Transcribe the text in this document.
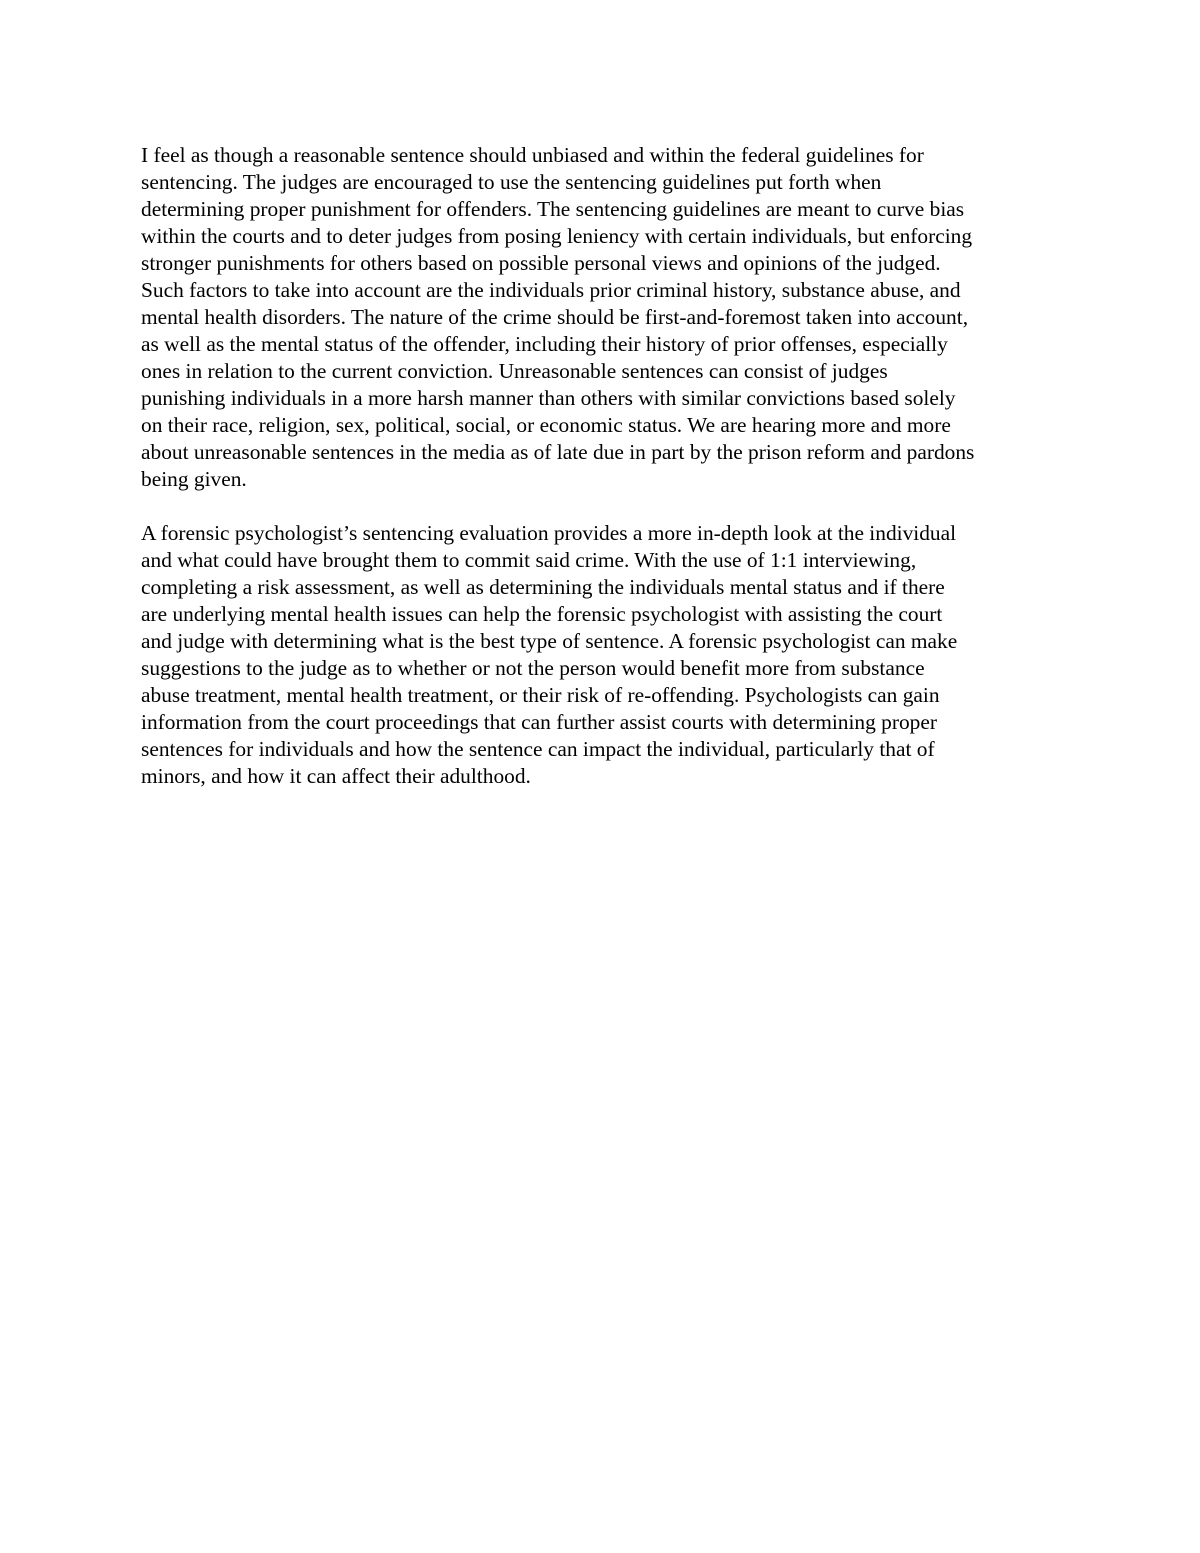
I feel as though a reasonable sentence should unbiased and within the federal guidelines for
sentencing. The judges are encouraged to use the sentencing guidelines put forth when
determining proper punishment for offenders. The sentencing guidelines are meant to curve bias
within the courts and to deter judges from posing leniency with certain individuals, but enforcing
stronger punishments for others based on possible personal views and opinions of the judged.
Such factors to take into account are the individuals prior criminal history, substance abuse, and
mental health disorders. The nature of the crime should be first-and-foremost taken into account,
as well as the mental status of the offender, including their history of prior offenses, especially
ones in relation to the current conviction. Unreasonable sentences can consist of judges
punishing individuals in a more harsh manner than others with similar convictions based solely
on their race, religion, sex, political, social, or economic status. We are hearing more and more
about unreasonable sentences in the media as of late due in part by the prison reform and pardons
being given.

A forensic psychologist’s sentencing evaluation provides a more in-depth look at the individual
and what could have brought them to commit said crime. With the use of 1:1 interviewing,
completing a risk assessment, as well as determining the individuals mental status and if there
are underlying mental health issues can help the forensic psychologist with assisting the court
and judge with determining what is the best type of sentence. A forensic psychologist can make
suggestions to the judge as to whether or not the person would benefit more from substance
abuse treatment, mental health treatment, or their risk of re-offending. Psychologists can gain
information from the court proceedings that can further assist courts with determining proper
sentences for individuals and how the sentence can impact the individual, particularly that of
minors, and how it can affect their adulthood.
